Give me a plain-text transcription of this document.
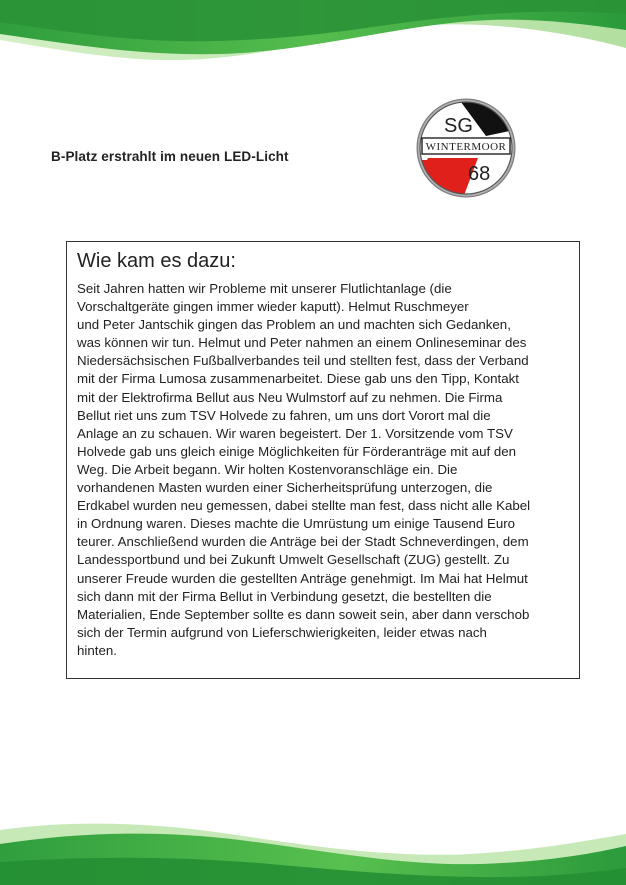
B-Platz erstrahlt im neuen LED-Licht
SG
WINTERMOOR
68
Wie kam es dazu:
Seit Jahren hatten wir Probleme mit unserer Flutlichtanlage (die
Vorschaltgeräte gingen immer wieder kaputt). Helmut Ruschmeyer
und Peter Jantschik gingen das Problem an und machten sich Gedanken,
was können wir tun. Helmut und Peter nahmen an einem Onlineseminar des
Niedersächsischen Fußballverbandes teil und stellten fest, dass der Verband
mit der Firma Lumosa zusammenarbeitet. Diese gab uns den Tipp, Kontakt
mit der Elektrofirma Bellut aus Neu Wulmstorf auf zu nehmen. Die Firma
Bellut riet uns zum TSV Holvede zu fahren, um uns dort Vorort mal die
Anlage an zu schauen. Wir waren begeistert. Der 1. Vorsitzende vom TSV
Holvede gab uns gleich einige Möglichkeiten für Förderanträge mit auf den
Weg. Die Arbeit begann. Wir holten Kostenvoranschläge ein. Die
vorhandenen Masten wurden einer Sicherheitsprüfung unterzogen, die
Erdkabel wurden neu gemessen, dabei stellte man fest, dass nicht alle Kabel
in Ordnung waren. Dieses machte die Umrüstung um einige Tausend Euro
teurer. Anschließend wurden die Anträge bei der Stadt Schneverdingen, dem
Landessportbund und bei Zukunft Umwelt Gesellschaft (ZUG) gestellt. Zu
unserer Freude wurden die gestellten Anträge genehmigt. Im Mai hat Helmut
sich dann mit der Firma Bellut in Verbindung gesetzt, die bestellten die
Materialien, Ende September sollte es dann soweit sein, aber dann verschob
sich der Termin aufgrund von Lieferschwierigkeiten, leider etwas nach
hinten.
